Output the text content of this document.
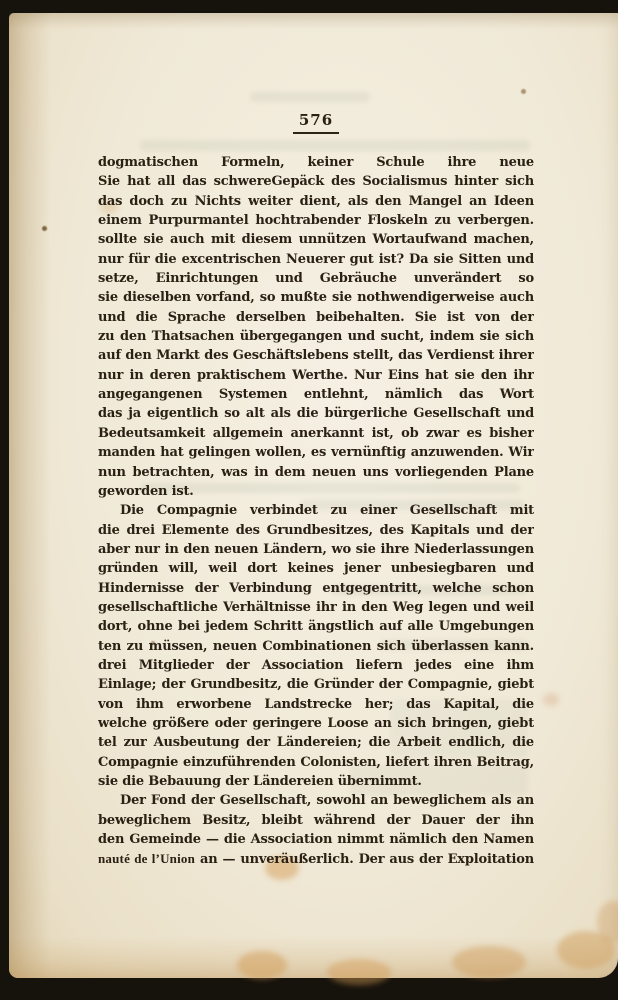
576
dogmatischen Formeln, keiner Schule ihre neue
Sie hat all das schwereGepäck des Socialismus hinter sich
das doch zu Nichts weiter dient, als den Mangel an Ideen
einem Purpurmantel hochtrabender Floskeln zu verbergen.
sollte sie auch mit diesem unnützen Wortaufwand machen,
nur für die excentrischen Neuerer gut ist? Da sie Sitten und
setze, Einrichtungen und Gebräuche unverändert so
sie dieselben vorfand, so mußte sie nothwendigerweise auch
und die Sprache derselben beibehalten. Sie ist von der
zu den Thatsachen übergegangen und sucht, indem sie sich
auf den Markt des Geschäftslebens stellt, das Verdienst ihrer
nur in deren praktischem Werthe. Nur Eins hat sie den ihr
angegangenen Systemen entlehnt, nämlich das Wort
das ja eigentlich so alt als die bürgerliche Gesellschaft und
Bedeutsamkeit allgemein anerkannt ist, ob zwar es bisher
manden hat gelingen wollen, es vernünftig anzuwenden. Wir
nun betrachten, was in dem neuen uns vorliegenden Plane
geworden ist.
Die Compagnie verbindet zu einer Gesellschaft mit
die drei Elemente des Grundbesitzes, des Kapitals und der
aber nur in den neuen Ländern, wo sie ihre Niederlassungen
gründen will, weil dort keines jener unbesiegbaren und
Hindernisse der Verbindung entgegentritt, welche schon
gesellschaftliche Verhältnisse ihr in den Weg legen und weil
dort, ohne bei jedem Schritt ängstlich auf alle Umgebungen
ten zu müssen, neuen Combinationen sich überlassen kann.
drei Mitglieder der Association liefern jedes eine ihm
Einlage; der Grundbesitz, die Gründer der Compagnie, giebt
von ihm erworbene Landstrecke her; das Kapital, die
welche größere oder geringere Loose an sich bringen, giebt
tel zur Ausbeutung der Ländereien; die Arbeit endlich, die
Compagnie einzuführenden Colonisten, liefert ihren Beitrag,
sie die Bebauung der Ländereien übernimmt.
Der Fond der Gesellschaft, sowohl an beweglichem als an
beweglichem Besitz, bleibt während der Dauer der ihn
den Gemeinde — die Association nimmt nämlich den Namen
nauté de l’Union an — unveräußerlich. Der aus der Exploitation
